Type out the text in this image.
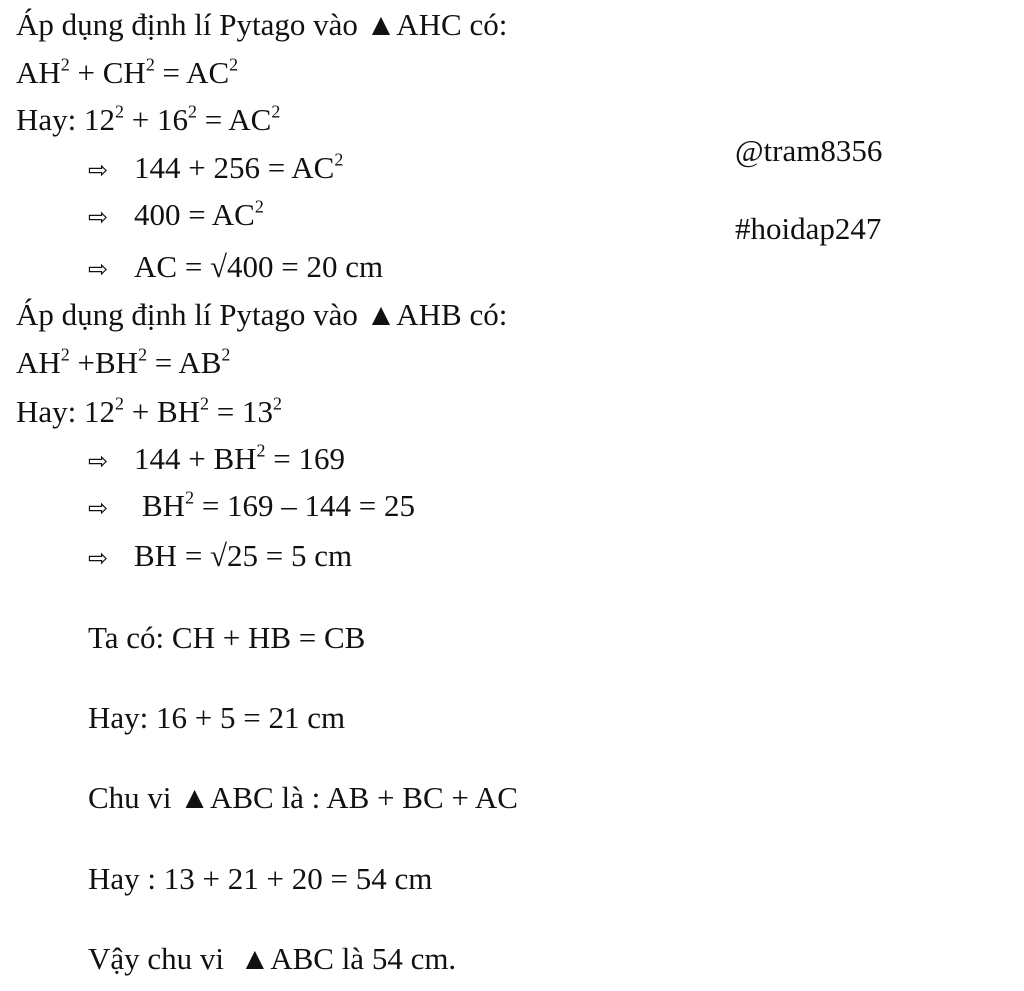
Áp dụng định lí Pytago vào ▲AHC có:
$AH^2 + CH^2 = AC^2$
Hay: $12^2 + 16^2 = AC^2$
⇨ $144 + 256 = AC^2$
⇨ $400 = AC^2$
⇨ AC = √400 = 20 cm
Áp dụng định lí Pytago vào ▲AHB có:
$AH^2 +BH^2 = AB^2$
Hay: $12^2 + BH^2 = 13^2$
⇨ $144 + BH^2 = 169$
⇨ $BH^2 = 169 - 144 = 25$
⇨ BH = √25 = 5 cm
Ta có: CH + HB = CB
Hay: 16 + 5 = 21 cm
Chu vi ▲ABC là : AB + BC + AC
Hay : 13 + 21 + 20 = 54 cm
Vậy chu vi  ▲ABC là 54 cm.
@tram8356
#hoidap247
